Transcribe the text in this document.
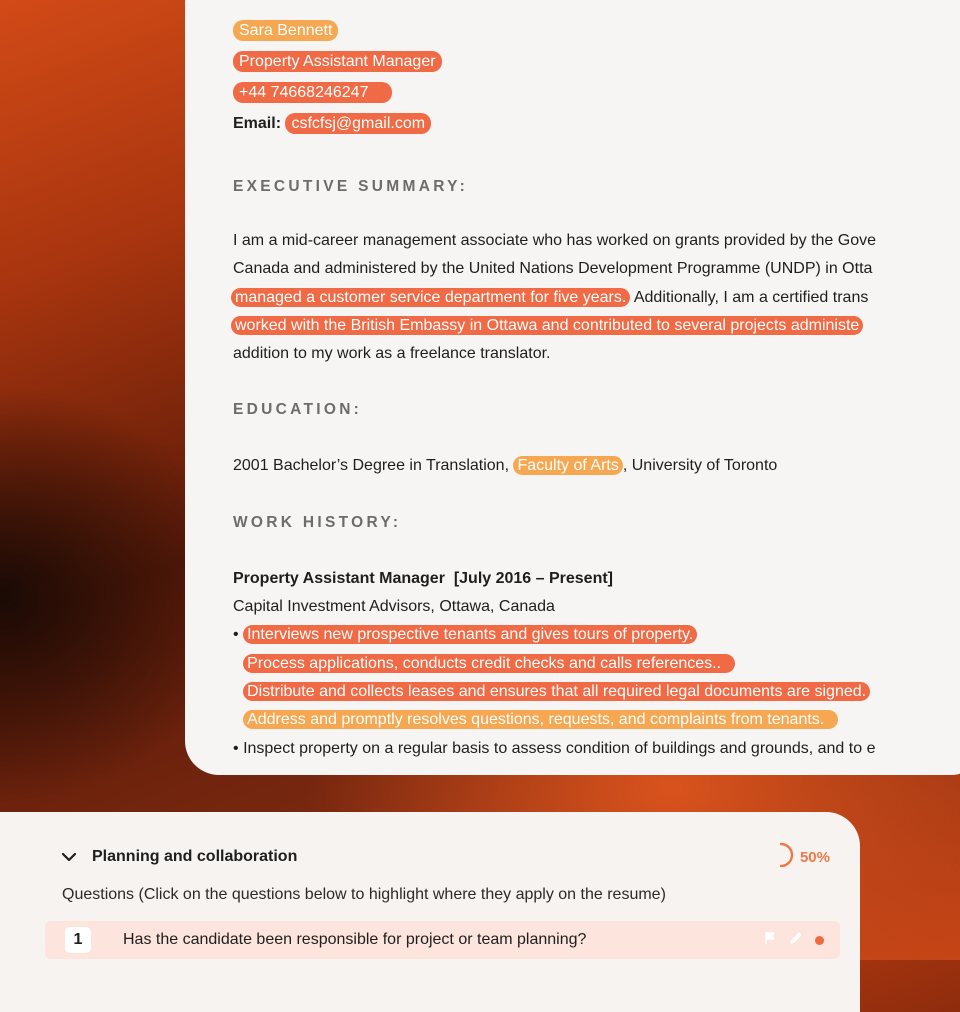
Sara Bennett
Property Assistant Manager
+44 74668246247
Email: csfcfsj@gmail.com
EXECUTIVE SUMMARY:
I am a mid-career management associate who has worked on grants provided by the Gove
Canada and administered by the United Nations Development Programme (UNDP) in Otta
managed a customer service department for five years. Additionally, I am a certified trans
worked with the British Embassy in Ottawa and contributed to several projects administe
addition to my work as a freelance translator.
EDUCATION:
2001 Bachelor’s Degree in Translation, Faculty of Arts , University of Toronto
WORK HISTORY:
Property Assistant Manager [July 2016 – Present]
Capital Investment Advisors, Ottawa, Canada
• Interviews new prospective tenants and gives tours of property.
Process applications, conducts credit checks and calls references..
Distribute and collects leases and ensures that all required legal documents are signed.
Address and promptly resolves questions, requests, and complaints from tenants.
• Inspect property on a regular basis to assess condition of buildings and grounds, and to e
Planning and collaboration	50%
Questions (Click on the questions below to highlight where they apply on the resume)
1	Has the candidate been responsible for project or team planning?
